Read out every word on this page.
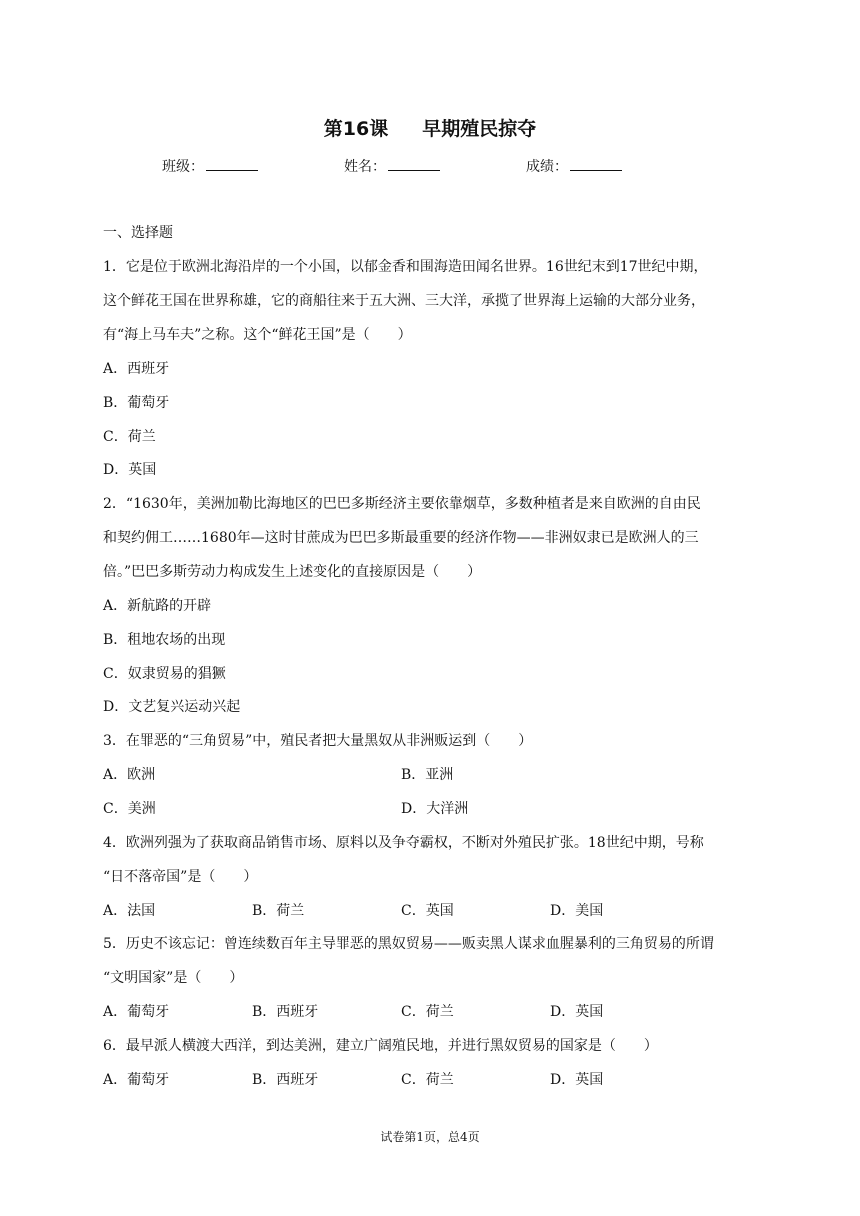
第16课 早期殖民掠夺
班级：	姓名：	成绩：
一、选择题
1．它是位于欧洲北海沿岸的一个小国，以郁金香和围海造田闻名世界。16世纪末到17世纪中期，
这个鲜花王国在世界称雄，它的商船往来于五大洲、三大洋，承揽了世界海上运输的大部分业务，
有“海上马车夫”之称。这个“鲜花王国”是（　　）
A．西班牙
B．葡萄牙
C．荷兰
D．英国
2．“1630年，美洲加勒比海地区的巴巴多斯经济主要依靠烟草，多数种植者是来自欧洲的自由民
和契约佣工……1680年—这时甘蔗成为巴巴多斯最重要的经济作物——非洲奴隶已是欧洲人的三
倍。”巴巴多斯劳动力构成发生上述变化的直接原因是（　　）
A．新航路的开辟
B．租地农场的出现
C．奴隶贸易的猖獗
D．文艺复兴运动兴起
3．在罪恶的“三角贸易”中，殖民者把大量黑奴从非洲贩运到（　　）
A．欧洲	B．亚洲
C．美洲	D．大洋洲
4．欧洲列强为了获取商品销售市场、原料以及争夺霸权，不断对外殖民扩张。18世纪中期，号称
“日不落帝国”是（　　）
A．法国	B．荷兰	C．英国	D．美国
5．历史不该忘记：曾连续数百年主导罪恶的黑奴贸易——贩卖黑人谋求血腥暴利的三角贸易的所谓
“文明国家”是（　　）
A．葡萄牙	B．西班牙	C．荷兰	D．英国
6．最早派人横渡大西洋，到达美洲，建立广阔殖民地，并进行黑奴贸易的国家是（　　）
A．葡萄牙	B．西班牙	C．荷兰	D．英国
试卷第1页，总4页
